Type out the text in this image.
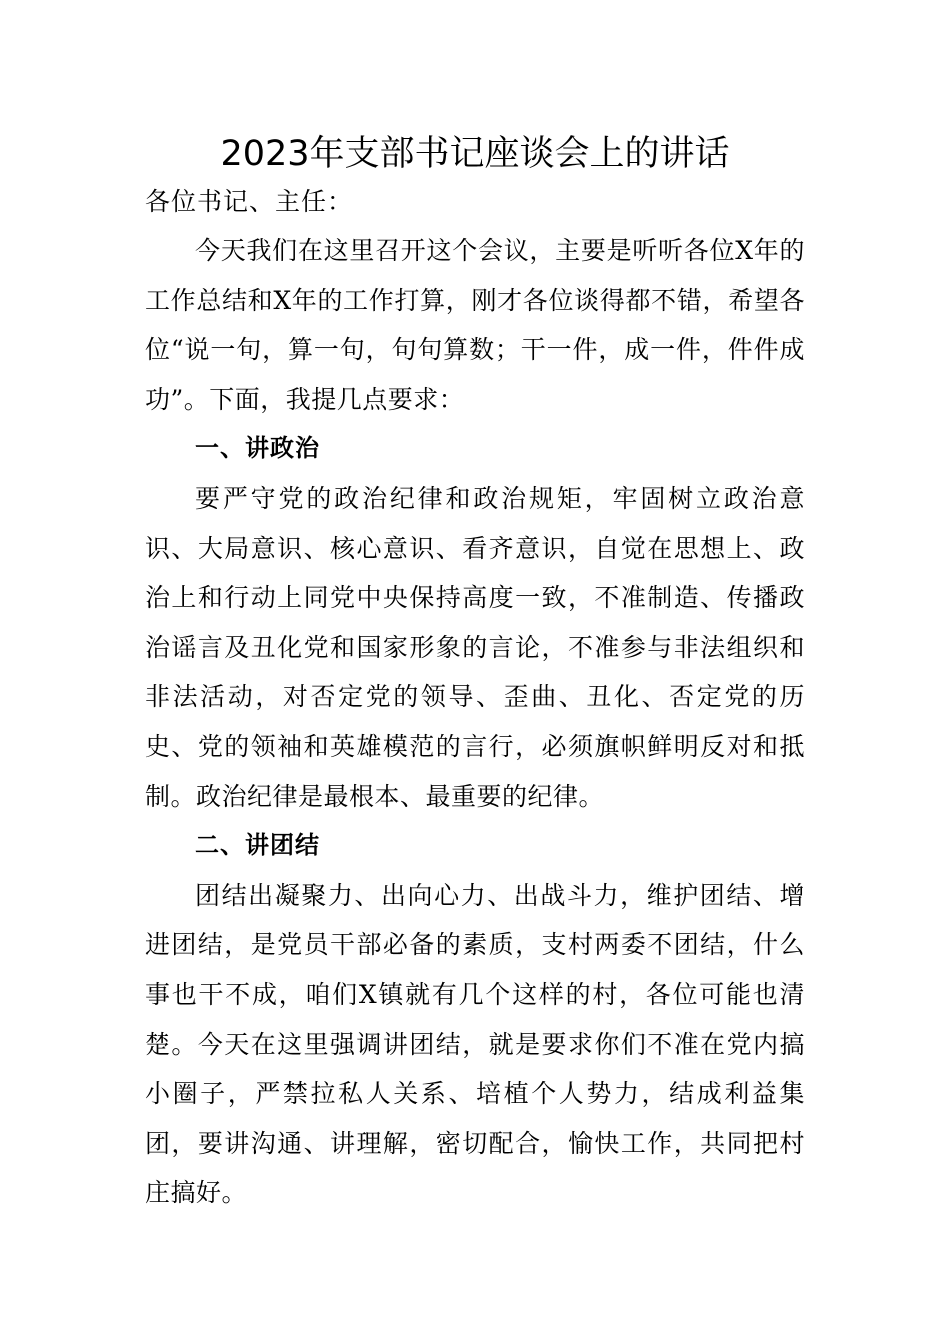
2023年支部书记座谈会上的讲话

各位书记、主任：

今天我们在这里召开这个会议，主要是听听各位X年的工作总结和X年的工作打算，刚才各位谈得都不错，希望各位“说一句，算一句，句句算数；干一件，成一件，件件成功”。下面，我提几点要求：

一、讲政治

要严守党的政治纪律和政治规矩，牢固树立政治意识、大局意识、核心意识、看齐意识，自觉在思想上、政治上和行动上同党中央保持高度一致，不准制造、传播政治谣言及丑化党和国家形象的言论，不准参与非法组织和非法活动，对否定党的领导、歪曲、丑化、否定党的历史、党的领袖和英雄模范的言行，必须旗帜鲜明反对和抵制。政治纪律是最根本、最重要的纪律。

二、讲团结

团结出凝聚力、出向心力、出战斗力，维护团结、增进团结，是党员干部必备的素质，支村两委不团结，什么事也干不成，咱们X镇就有几个这样的村，各位可能也清楚。今天在这里强调讲团结，就是要求你们不准在党内搞小圈子，严禁拉私人关系、培植个人势力，结成利益集团，要讲沟通、讲理解，密切配合，愉快工作，共同把村庄搞好。
